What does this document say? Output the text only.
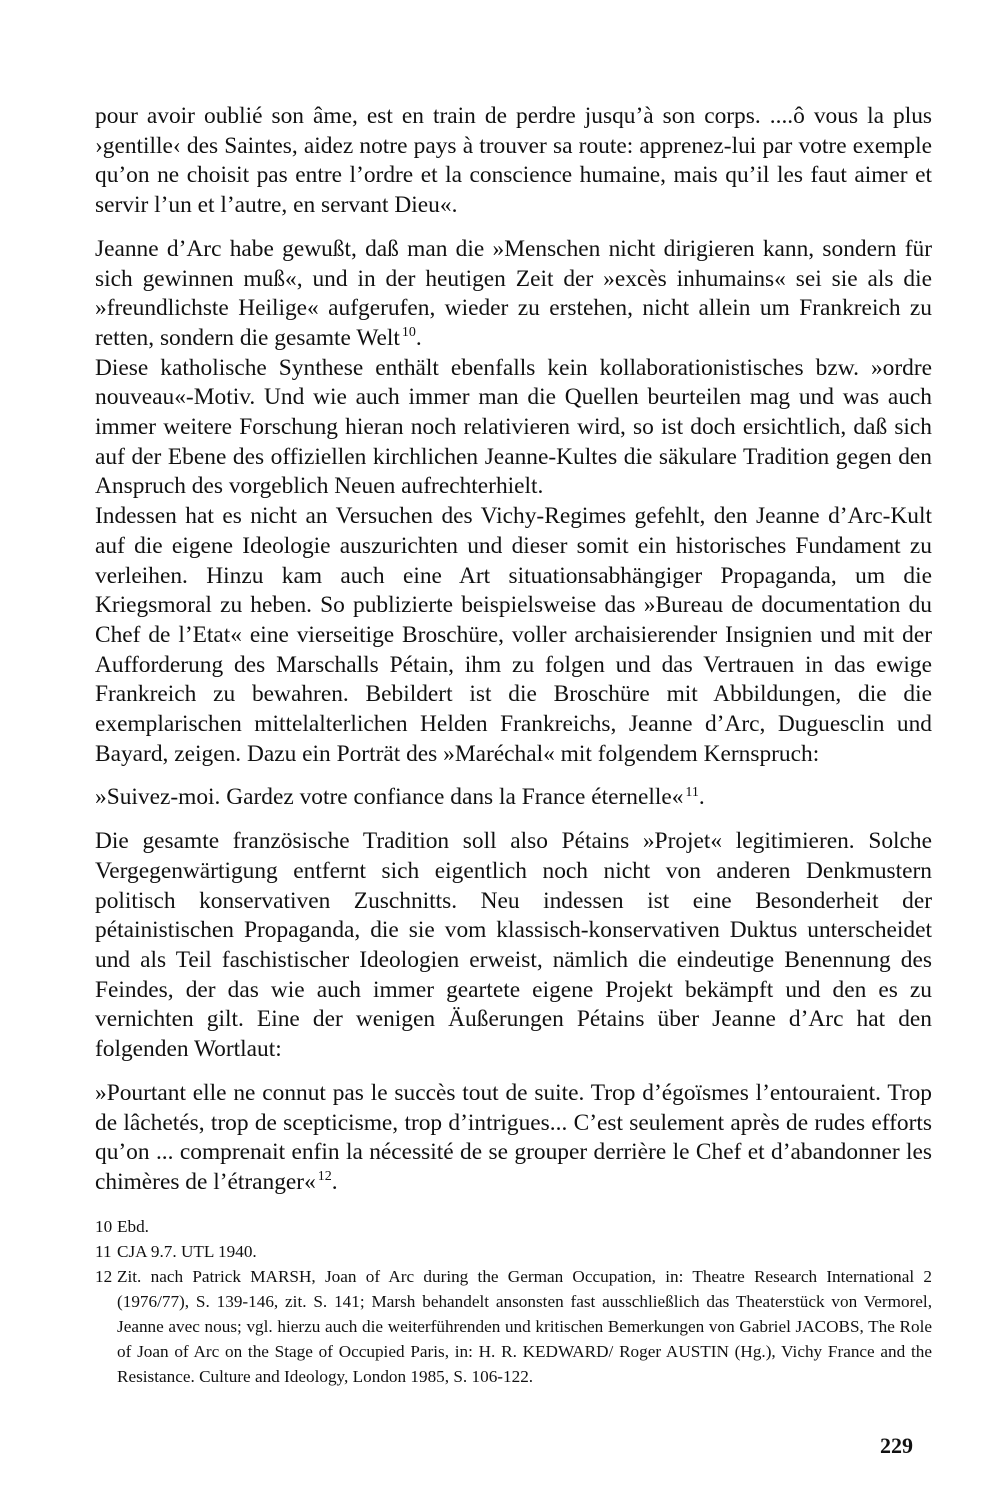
pour avoir oublié son âme, est en train de perdre jusqu’à son corps. ....ô vous la plus ›gentille‹ des Saintes, aidez notre pays à trouver sa route: apprenez-lui par votre exemple qu’on ne choisit pas entre l’ordre et la conscience humaine, mais qu’il les faut aimer et servir l’un et l’autre, en servant Dieu«.

Jeanne d’Arc habe gewußt, daß man die »Menschen nicht dirigieren kann, sondern für sich gewinnen muß«, und in der heutigen Zeit der »excès inhumains« sei sie als die »freundlichste Heilige« aufgerufen, wieder zu erstehen, nicht allein um Frankreich zu retten, sondern die gesamte Welt $^{10}$.

Diese katholische Synthese enthält ebenfalls kein kollaborationistisches bzw. »ordre nouveau«-Motiv. Und wie auch immer man die Quellen beurteilen mag und was auch immer weitere Forschung hieran noch relativieren wird, so ist doch ersichtlich, daß sich auf der Ebene des offiziellen kirchlichen Jeanne-Kultes die säkulare Tradition gegen den Anspruch des vorgeblich Neuen aufrechterhielt.

Indessen hat es nicht an Versuchen des Vichy-Regimes gefehlt, den Jeanne d’Arc-Kult auf die eigene Ideologie auszurichten und dieser somit ein historisches Fundament zu verleihen. Hinzu kam auch eine Art situationsabhängiger Propaganda, um die Kriegsmoral zu heben. So publizierte beispielsweise das »Bureau de documentation du Chef de l’Etat« eine vierseitige Broschüre, voller archaisierender Insignien und mit der Aufforderung des Marschalls Pétain, ihm zu folgen und das Vertrauen in das ewige Frankreich zu bewahren. Bebildert ist die Broschüre mit Abbildungen, die die exemplarischen mittelalterlichen Helden Frankreichs, Jeanne d’Arc, Duguesclin und Bayard, zeigen. Dazu ein Porträt des »Maréchal« mit folgendem Kernspruch:

»Suivez-moi. Gardez votre confiance dans la France éternelle« $^{11}$.

Die gesamte französische Tradition soll also Pétains »Projet« legitimieren. Solche Vergegenwärtigung entfernt sich eigentlich noch nicht von anderen Denkmustern politisch konservativen Zuschnitts. Neu indessen ist eine Besonderheit der pétainistischen Propaganda, die sie vom klassisch-konservativen Duktus unterscheidet und als Teil faschistischer Ideologien erweist, nämlich die eindeutige Benennung des Feindes, der das wie auch immer geartete eigene Projekt bekämpft und den es zu vernichten gilt. Eine der wenigen Äußerungen Pétains über Jeanne d’Arc hat den folgenden Wortlaut:

»Pourtant elle ne connut pas le succès tout de suite. Trop d’égoïsmes l’entouraient. Trop de lâchetés, trop de scepticisme, trop d’intrigues... C’est seulement après de rudes efforts qu’on ... comprenait enfin la nécessité de se grouper derrière le Chef et d’abandonner les chimères de l’étranger« $^{12}$.

10 Ebd.
11 CJA 9.7. UTL 1940.
12 Zit. nach Patrick MARSH, Joan of Arc during the German Occupation, in: Theatre Research International 2 (1976/77), S. 139-146, zit. S. 141; Marsh behandelt ansonsten fast ausschließlich das Theaterstück von Vermorel, Jeanne avec nous; vgl. hierzu auch die weiterführenden und kritischen Bemerkungen von Gabriel JACOBS, The Role of Joan of Arc on the Stage of Occupied Paris, in: H. R. KEDWARD/ Roger AUSTIN (Hg.), Vichy France and the Resistance. Culture and Ideology, London 1985, S. 106-122.
229
